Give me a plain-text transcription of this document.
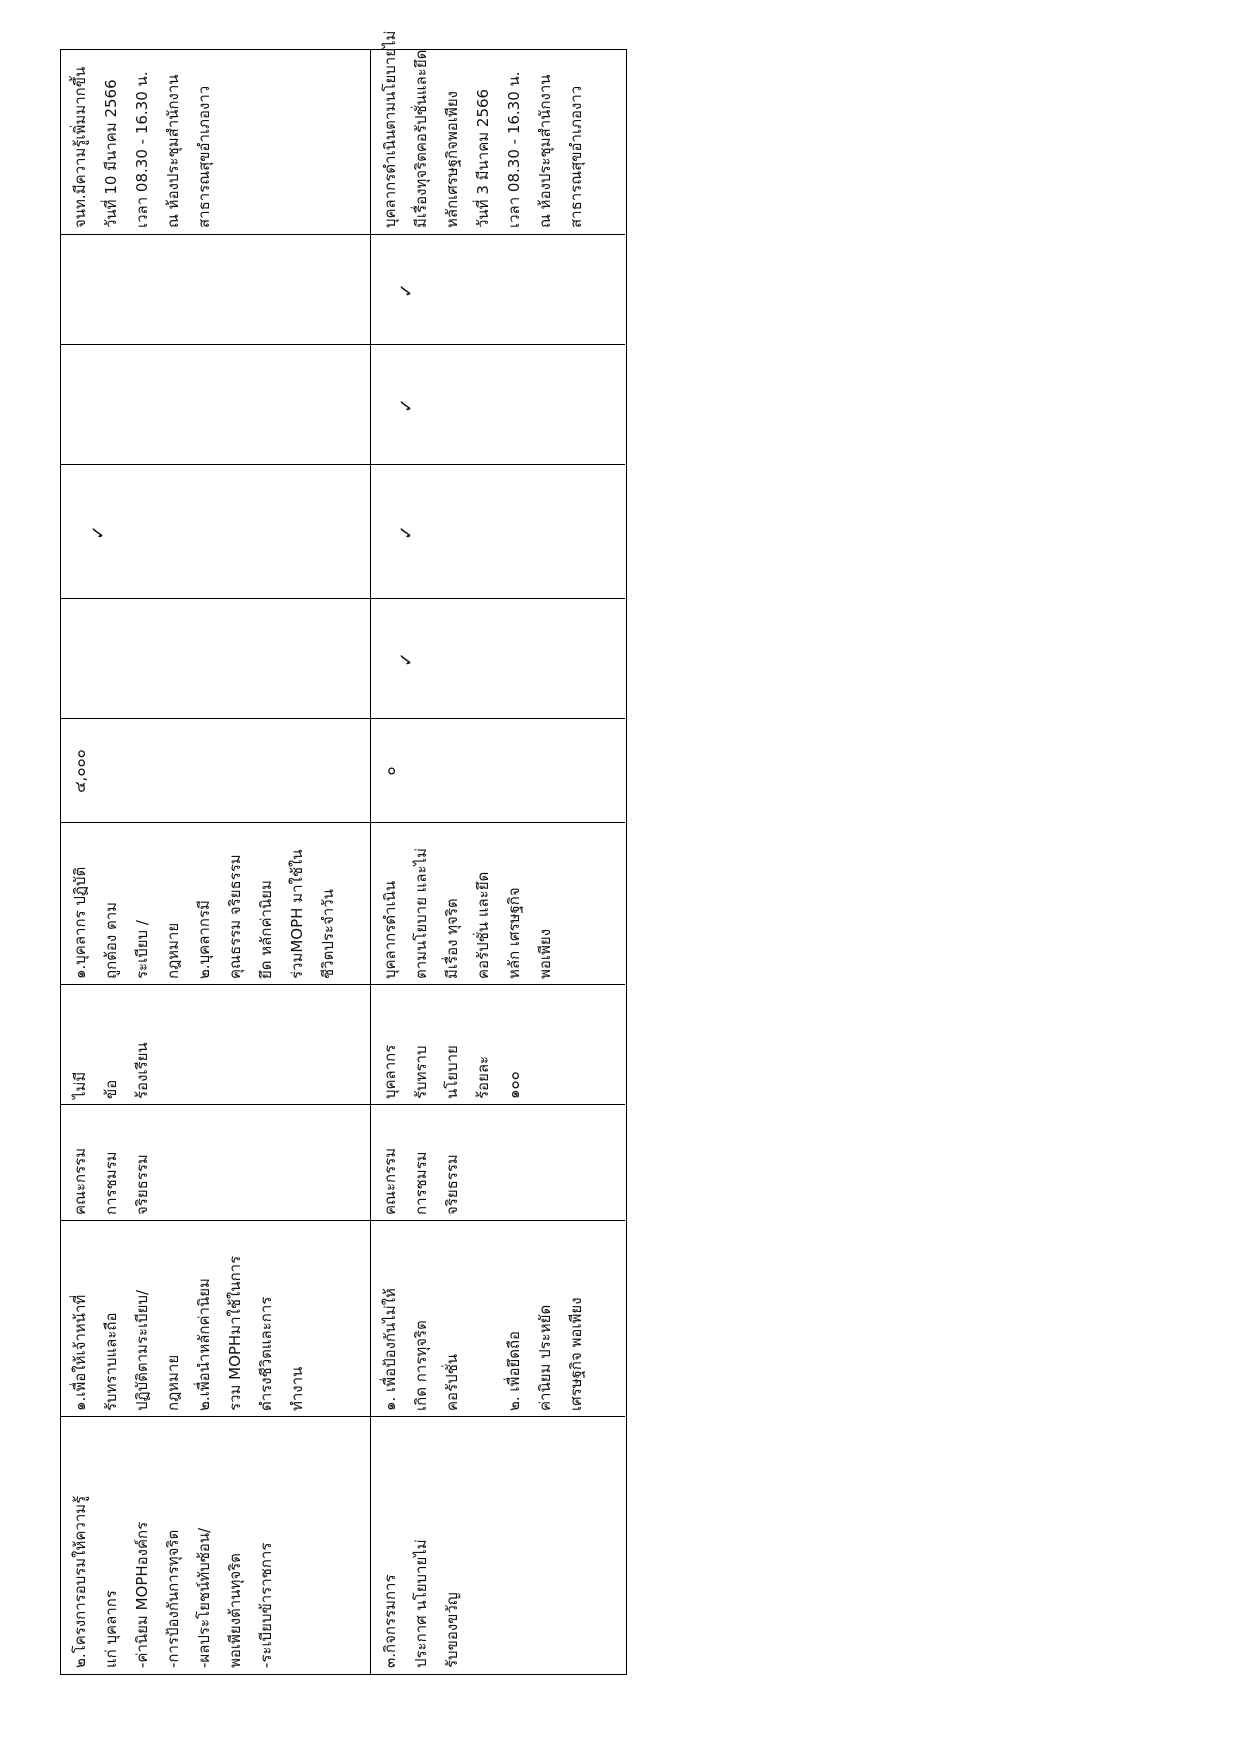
จนท.มีความรู้เพิ่มมากขึ้น วันที่ 10 มีนาคม 2566 เวลา 08.30 - 16.30 น. ณ ห้องประชุมสำนักงาน สาธารณสุขอำเภองาว
✓
๔,๐๐๐
๑.บุคลากร ปฏิบัติ ถูกต้อง ตาม ระเบียบ / กฎหมาย ๒.บุคลากรมี คุณธรรม จริยธรรม ยึด หลักค่านิยม ร่วมMOPH มาใช้ใน ชีวิตประจำวัน
ไม่มี ข้อ ร้องเรียน
คณะกรรม การชมรม จริยธรรม
๑.เพื่อให้เจ้าหน้าที่ รับทราบและถือ ปฏิบัติตามระเบียบ/ กฎหมาย ๒.เพื่อนำหลักค่านิยม รวม MOPHมาใช้ในการ ดำรงชีวิตและการ ทำงาน
๒.โครงการอบรมให้ความรู้ แก่ บุคลากร -ค่านิยม MOPHองค์กร -การป้องกันการทุจริต -ผลประโยชน์ทับซ้อน/ พอเพียงต้านทุจริต -ระเบียบข้าราชการ
บุคลากรดำเนินตามนโยบายไม่ มีเรื่องทุจริตคอรัปชั่นและยึด หลักเศรษฐกิจพอเพียง วันที่ 3 มีนาคม 2566 เวลา 08.30 - 16.30 น. ณ ห้องประชุมสำนักงาน สาธารณสุขอำเภองาว
✓
✓
✓
✓
๐
บุคลากรดำเนิน ตามนโยบาย และไม่ มีเรื่อง ทุจริต คอรัปชั่น และยึด หลัก เศรษฐกิจ พอเพียง
บุคลากร รับทราบ นโยบาย ร้อยละ ๑๐๐
คณะกรรม การชมรม จริยธรรม
๑. เพื่อป้องกันไม่ให้ เกิด การทุจริต คอรัปชั่น
	๒. เพื่อยึดถือ ค่านิยม ประหยัด เศรษฐกิจ พอเพียง
๓.กิจกรรมการ ประกาศ นโยบายไม่ รับของขวัญ
